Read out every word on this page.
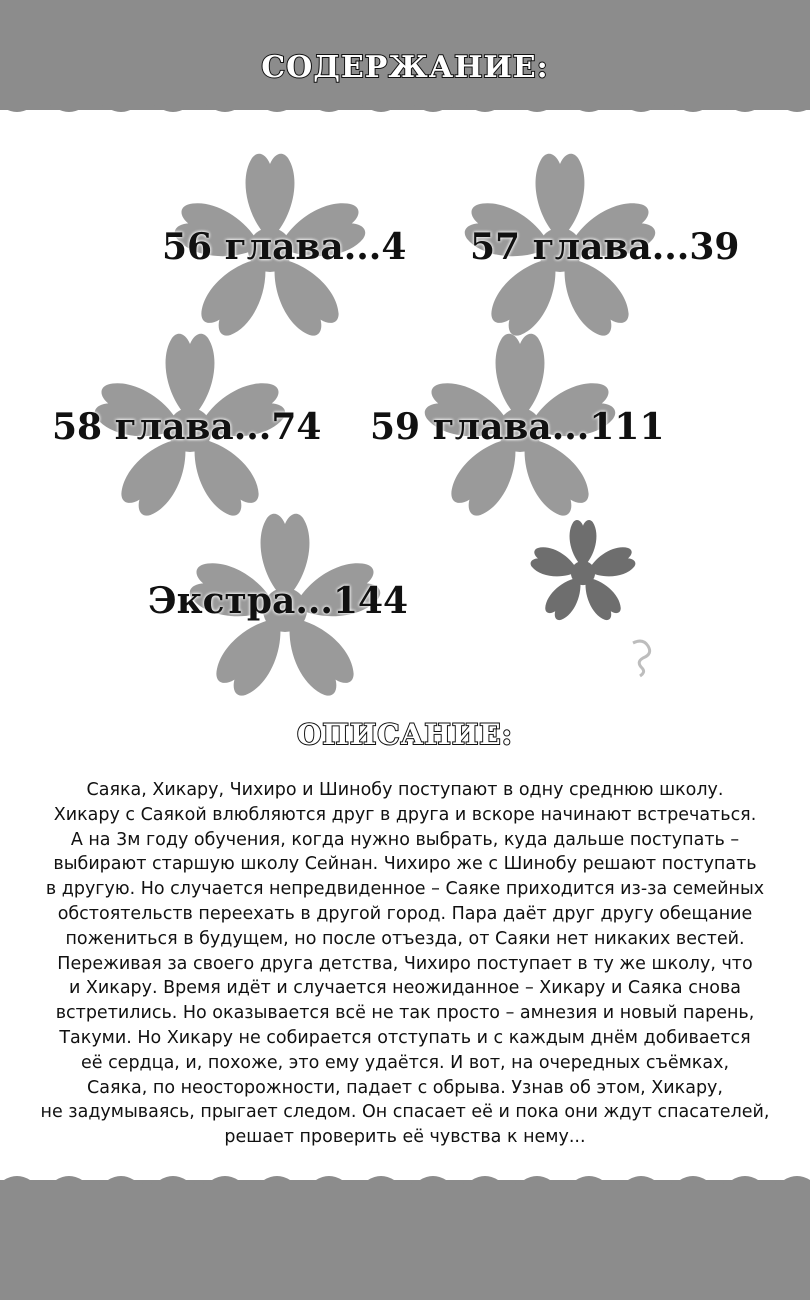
СОДЕРЖАНИЕ:
56 глава...4 57 глава...39
58 глава...74 59 глава...111
Экстра...144
ОПИСАНИЕ:
Саяка, Хикару, Чихиро и Шинобу поступают в одну среднюю школу.
Хикару с Саякой влюбляются друг в друга и вскоре начинают встречаться.
А на 3м году обучения, когда нужно выбрать, куда дальше поступать –
выбирают старшую школу Сейнан. Чихиро же с Шинобу решают поступать
в другую. Но случается непредвиденное – Саяке приходится из-за семейных
обстоятельств переехать в другой город. Пара даёт друг другу обещание
пожениться в будущем, но после отъезда, от Саяки нет никаких вестей.
Переживая за своего друга детства, Чихиро поступает в ту же школу, что
и Хикару. Время идёт и случается неожиданное – Хикару и Саяка снова
встретились. Но оказывается всё не так просто – амнезия и новый парень,
Такуми. Но Хикару не собирается отступать и с каждым днём добивается
её сердца, и, похоже, это ему удаётся. И вот, на очередных съёмках,
Саяка, по неосторожности, падает с обрыва. Узнав об этом, Хикару,
не задумываясь, прыгает следом. Он спасает её и пока они ждут спасателей,
решает проверить её чувства к нему...
